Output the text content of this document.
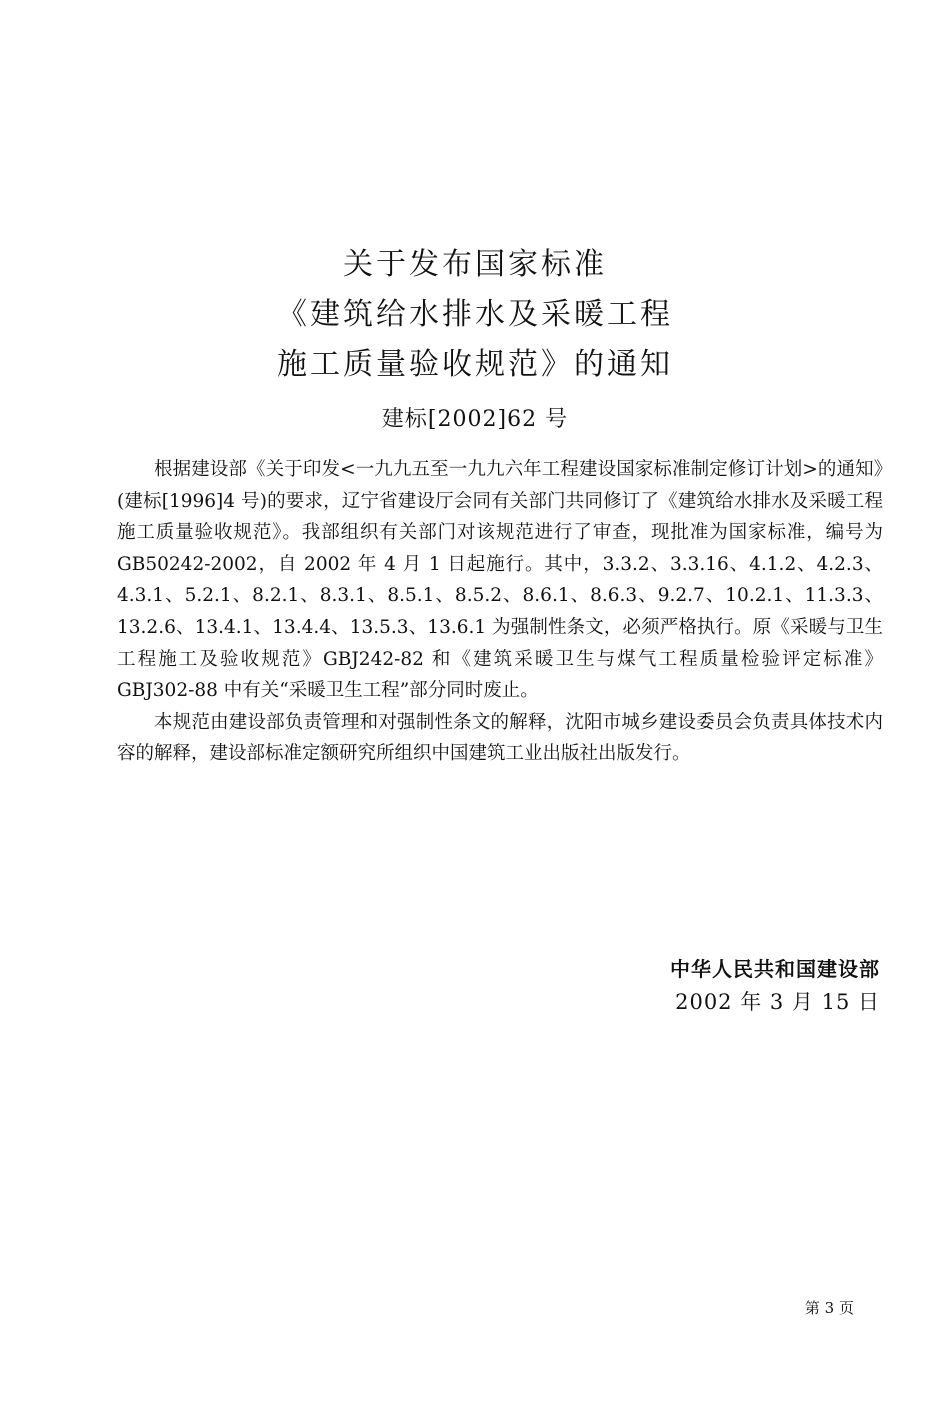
关于发布国家标准
《建筑给水排水及采暖工程
施工质量验收规范》的通知
建标[2002]62 号

根据建设部《关于印发<一九九五至一九九六年工程建设国家标准制定修订计划>的通知》(建标[1996]4 号)的要求，辽宁省建设厅会同有关部门共同修订了《建筑给水排水及采暖工程施工质量验收规范》。我部组织有关部门对该规范进行了审查，现批准为国家标准，编号为 GB50242-2002，自 2002 年 4 月 1 日起施行。其中，3.3.2、3.3.16、4.1.2、4.2.3、4.3.1、5.2.1、8.2.1、8.3.1、8.5.1、8.5.2、8.6.1、8.6.3、9.2.7、10.2.1、11.3.3、13.2.6、13.4.1、13.4.4、13.5.3、13.6.1 为强制性条文，必须严格执行。原《采暖与卫生工程施工及验收规范》GBJ242-82 和《建筑采暖卫生与煤气工程质量检验评定标准》GBJ302-88 中有关“采暖卫生工程”部分同时废止。

本规范由建设部负责管理和对强制性条文的解释，沈阳市城乡建设委员会负责具体技术内容的解释，建设部标准定额研究所组织中国建筑工业出版社出版发行。

中华人民共和国建设部
2002 年 3 月 15 日
第 3 页
